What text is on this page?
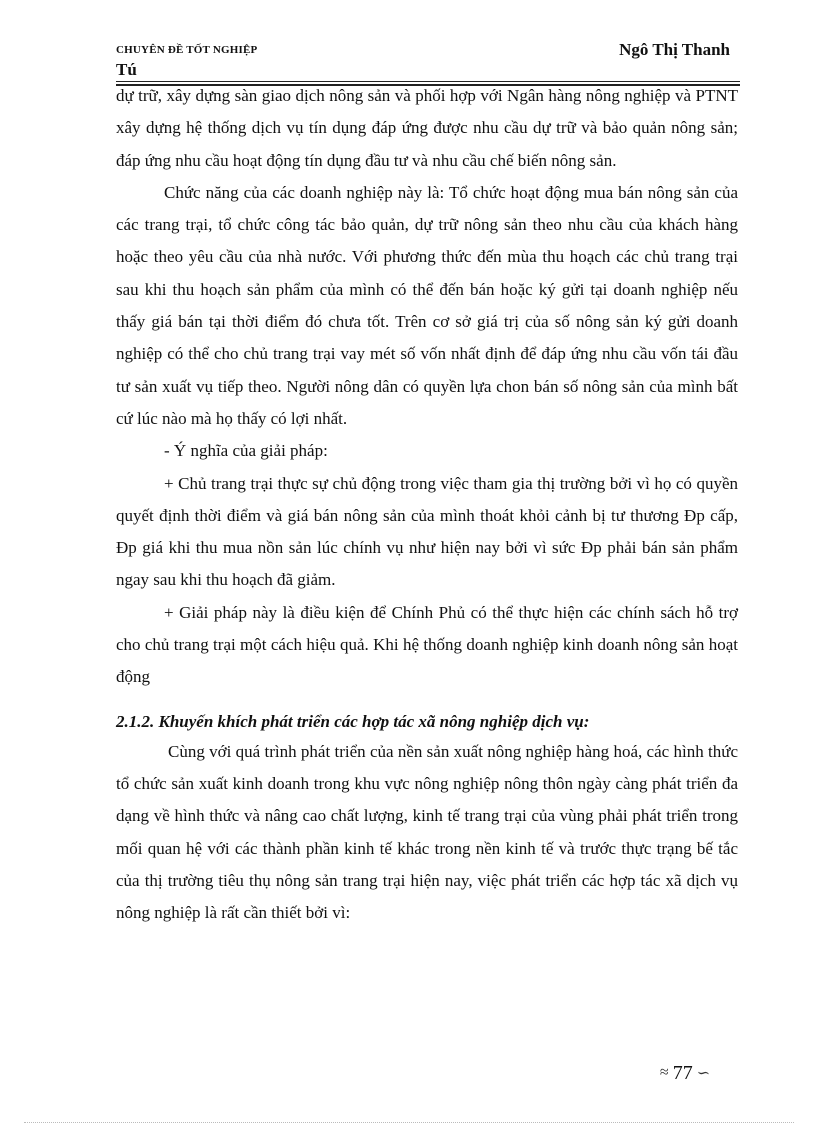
CHUYÊN ĐỀ TỐT NGHIỆP	Ngô Thị Thanh
Tú

dự trữ, xây dựng sàn giao dịch nông sản và phối hợp với Ngân hàng nông nghiệp và PTNT xây dựng hệ thống dịch vụ tín dụng đáp ứng được nhu cầu dự trữ và bảo quản nông sản; đáp ứng nhu cầu hoạt động tín dụng đầu tư và nhu cầu chế biến nông sản.

Chức năng của các doanh nghiệp này là: Tổ chức hoạt động mua bán nông sản của các trang trại, tổ chức công tác bảo quản, dự trữ nông sản theo nhu cầu của khách hàng hoặc theo yêu cầu của nhà nước. Với phương thức đến mùa thu hoạch các chủ trang trại sau khi thu hoạch sản phẩm của mình có thể đến bán hoặc ký gửi tại doanh nghiệp nếu thấy giá bán tại thời điểm đó chưa tốt. Trên cơ sở giá trị của số nông sản ký gửi doanh nghiệp có thể cho chủ trang trại vay mét số vốn nhất định để đáp ứng nhu cầu vốn tái đầu tư sản xuất vụ tiếp theo. Người nông dân có quyền lựa chon bán số nông sản của mình bất cứ lúc nào mà họ thấy có lợi nhất.

- Ý nghĩa của giải pháp:

+ Chủ trang trại thực sự chủ động trong việc tham gia thị trường bởi vì họ có quyền quyết định thời điểm và giá bán nông sản của mình thoát khỏi cảnh bị tư thương Ðp cấp, Ðp giá khi thu mua nồn sản lúc chính vụ như hiện nay bởi vì sức Ðp phải bán sản phẩm ngay sau khi thu hoạch đã giảm.

+ Giải pháp này là điều kiện để Chính Phủ có thể thực hiện các chính sách hỗ trợ cho chủ trang trại một cách hiệu quả. Khi hệ thống doanh nghiệp kinh doanh nông sản hoạt động

2.1.2. Khuyến khích phát triển các hợp tác xã nông nghiệp dịch vụ:

Cùng với quá trình phát triển của nền sản xuất nông nghiệp hàng hoá, các hình thức tổ chức sản xuất kinh doanh trong khu vực nông nghiệp nông thôn ngày càng phát triển đa dạng về hình thức và nâng cao chất lượng, kinh tế trang trại của vùng phải phát triển trong mối quan hệ với các thành phần kinh tế khác trong nền kinh tế và trước thực trạng bế tắc của thị trường tiêu thụ nông sản trang trại hiện nay, việc phát triển các hợp tác xã dịch vụ nông nghiệp là rất cần thiết bởi vì:

≈ 77 ∽
